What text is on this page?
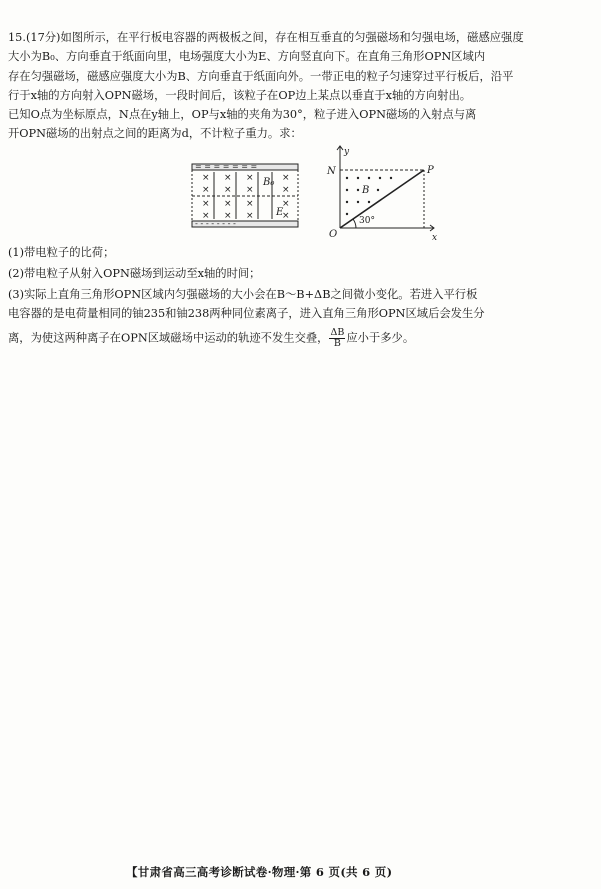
15.(17分)如图所示，在平行板电容器的两极板之间，存在相互垂直的匀强磁场和匀强电场，磁感应强度

大小为B₀、方向垂直于纸面向里，电场强度大小为E、方向竖直向下。在直角三角形OPN区域内

存在匀强磁场，磁感应强度大小为B、方向垂直于纸面向外。一带正电的粒子匀速穿过平行板后，沿平

行于x轴的方向射入OPN磁场，一段时间后，该粒子在OP边上某点以垂直于x轴的方向射出。

已知O点为坐标原点，N点在y轴上，OP与x轴的夹角为30°，粒子进入OPN磁场的入射点与离

开OPN磁场的出射点之间的距离为d，不计粒子重力。求：

× × ×	×
× × ×	×
× × ×	×
× × ×	×
= = = = = = =
- - - - - - - -
B₀
E
y
N	P
B
30°
O	x
(1)带电粒子的比荷；
(2)带电粒子从射入OPN磁场到运动至x轴的时间；
(3)实际上直角三角形OPN区域内匀强磁场的大小会在B～B+ΔB之间微小变化。若进入平行板
电容器的是电荷量相同的铀235和铀238两种同位素离子，进入直角三角形OPN区域后会发生分
离，为使这两种离子在OPN区域磁场中运动的轨迹不发生交叠， $\frac{\Delta B}{B}$ 应小于多少。
【甘肃省高三高考诊断试卷·物理·第 6 页(共 6 页)
